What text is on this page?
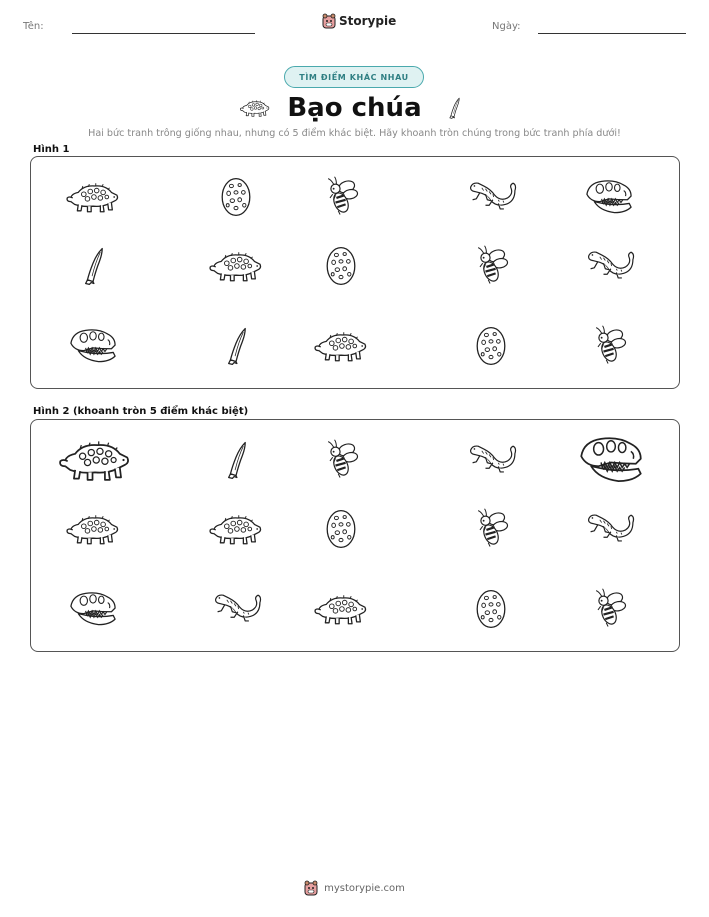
Tên:	Storypie	Ngày:
TÌM ĐIỂM KHÁC NHAU
Bạo chúa
Hai bức tranh trông giống nhau, nhưng có 5 điểm khác biệt. Hãy khoanh tròn chúng trong bức tranh phía dưới!
Hình 1
Hình 2 (khoanh tròn 5 điểm khác biệt)
mystorypie.com
